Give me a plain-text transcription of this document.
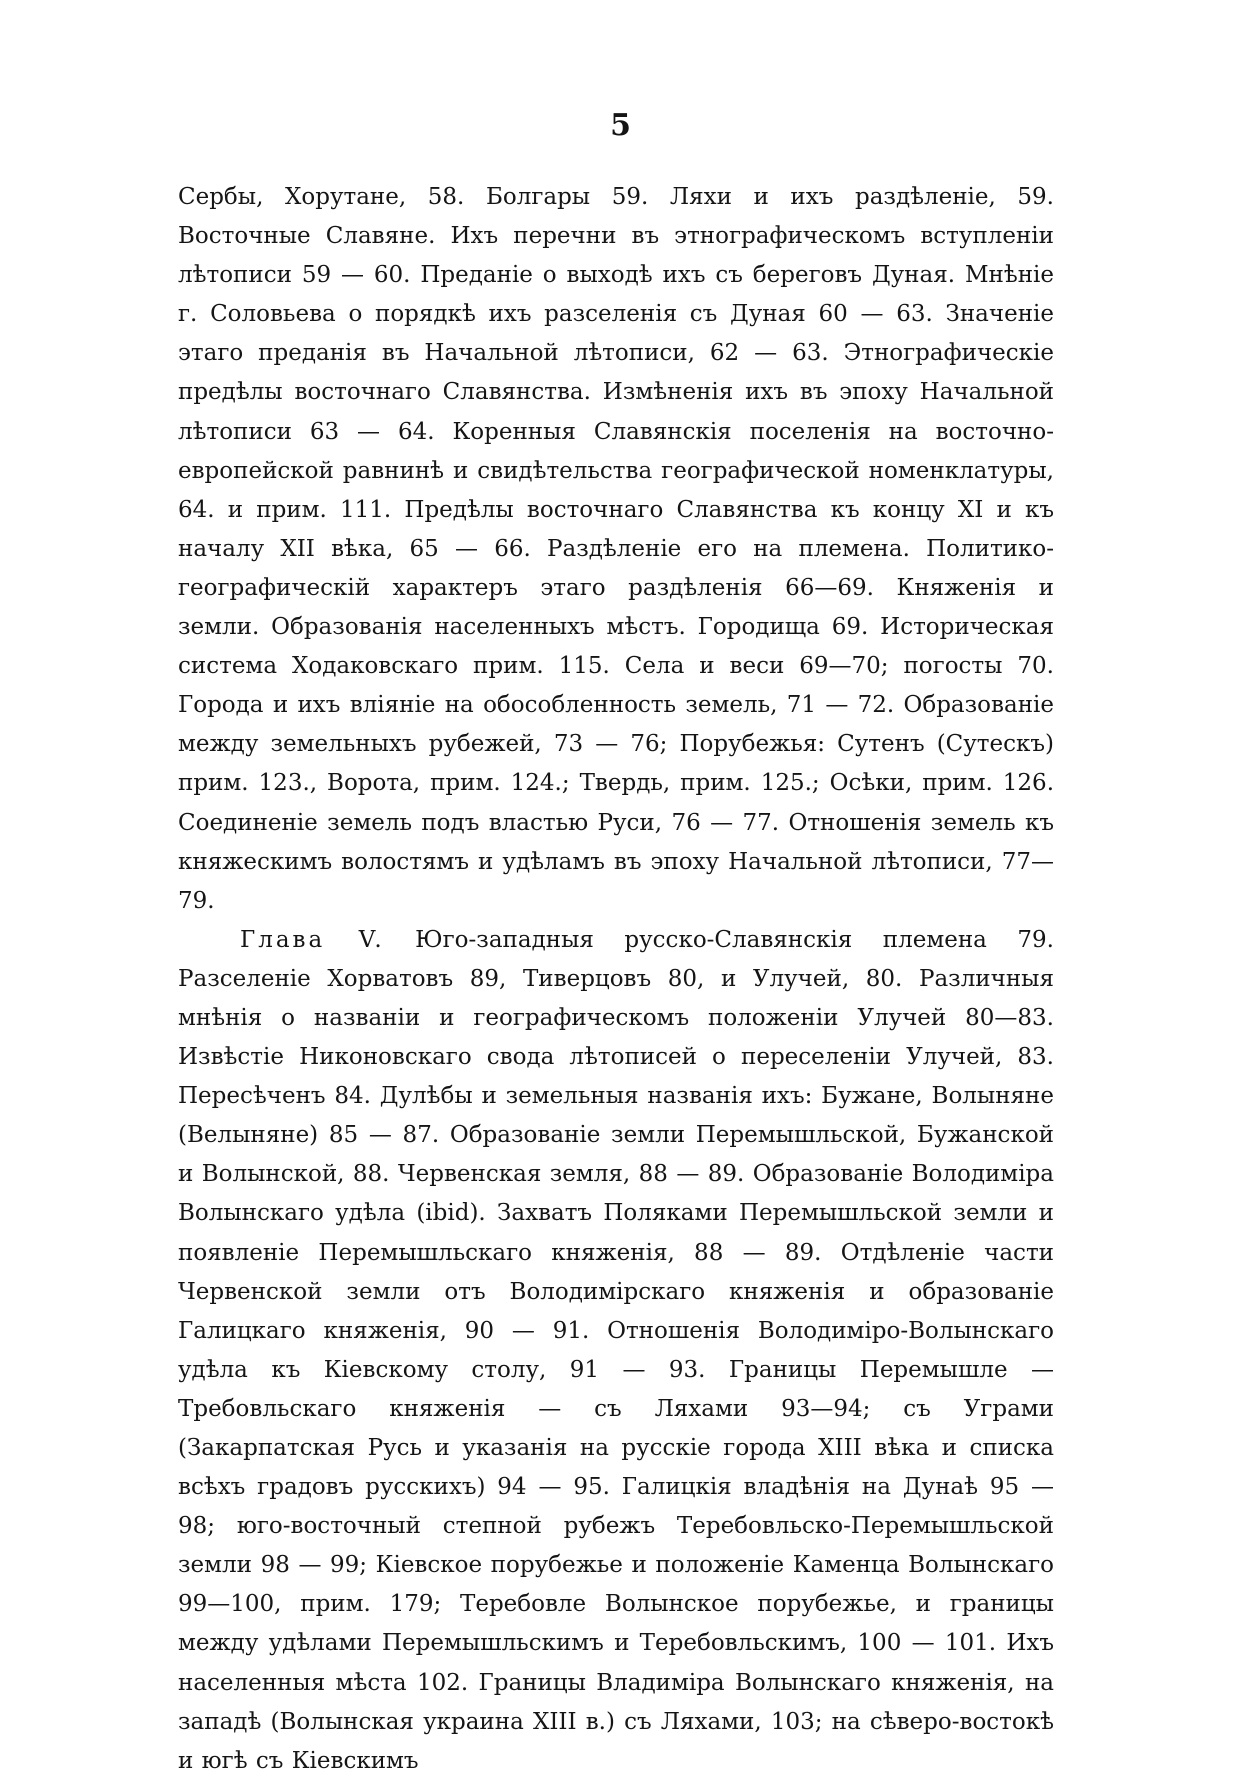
5

Сербы, Хорутане, 58. Болгары 59. Ляхи и ихъ раздѣленіе, 59. Восточные Славяне. Ихъ перечни въ этнографическомъ вступленіи лѣтописи 59 — 60. Преданіе о выходѣ ихъ съ береговъ Дуная. Мнѣніе г. Соловьева о порядкѣ ихъ разселенія съ Дуная 60 — 63. Значеніе этаго преданія въ Начальной лѣтописи, 62 — 63. Этнографическіе предѣлы восточнаго Славянства. Измѣненія ихъ въ эпоху Начальной лѣтописи 63 — 64. Коренныя Славянскія поселенія на восточно-европейской равнинѣ и свидѣтельства географической номенклатуры, 64. и прим. 111. Предѣлы восточнаго Славянства къ концу XI и къ началу XII вѣка, 65 — 66. Раздѣленіе его на племена. Политико-географическій характеръ этаго раздѣленія 66—69. Княженія и земли. Образованія населенныхъ мѣстъ. Городища 69. Историческая система Ходаковскаго прим. 115. Села и веси 69—70; погосты 70. Города и ихъ вліяніе на обособленность земель, 71 — 72. Образованіе между земельныхъ рубежей, 73 — 76; Порубежья: Сутенъ (Сутескъ) прим. 123., Ворота, прим. 124.; Твердь, прим. 125.; Осѣки, прим. 126. Соединеніе земель подъ властью Руси, 76 — 77. Отношенія земель къ княжескимъ волостямъ и удѣламъ въ эпоху Начальной лѣтописи, 77—79.

Глава V. Юго-западныя русско-Славянскія племена 79. Разселеніе Хорватовъ 89, Тиверцовъ 80, и Улучей, 80. Различныя мнѣнія о названіи и географическомъ положеніи Улучей 80—83. Извѣстіе Никоновскаго свода лѣтописей о переселеніи Улучей, 83. Пересѣченъ 84. Дулѣбы и земельныя названія ихъ: Бужане, Волыняне (Велыняне) 85 — 87. Образованіе земли Перемышльской, Бужанской и Волынской, 88. Червенская земля, 88 — 89. Образованіе Володиміра Волынскаго удѣла (ibid). Захватъ Поляками Перемышльской земли и появленіе Перемышльскаго княженія, 88 — 89. Отдѣленіе части Червенской земли отъ Володимірскаго княженія и образованіе Галицкаго княженія, 90 — 91. Отношенія Володиміро-Волынскаго удѣла къ Кіевскому столу, 91 — 93. Границы Перемышле — Требовльскаго княженія — съ Ляхами 93—94; съ Уграми (Закарпатская Русь и указанія на русскіе города XIII вѣка и списка всѣхъ градовъ русскихъ) 94 — 95. Галицкія владѣнія на Дунаѣ 95 — 98; юго-восточный степной рубежъ Теребовльско-Перемышльской земли 98 — 99; Кіевское порубежье и положеніе Каменца Волынскаго 99—100, прим. 179; Теребовле Волынское порубежье, и границы между удѣлами Перемышльскимъ и Теребовльскимъ, 100 — 101. Ихъ населенныя мѣста 102. Границы Владиміра Волынскаго княженія, на западѣ (Волынская украина XIII в.) съ Ляхами, 103; на сѣверо-востокѣ и югѣ съ Кіевскимъ
